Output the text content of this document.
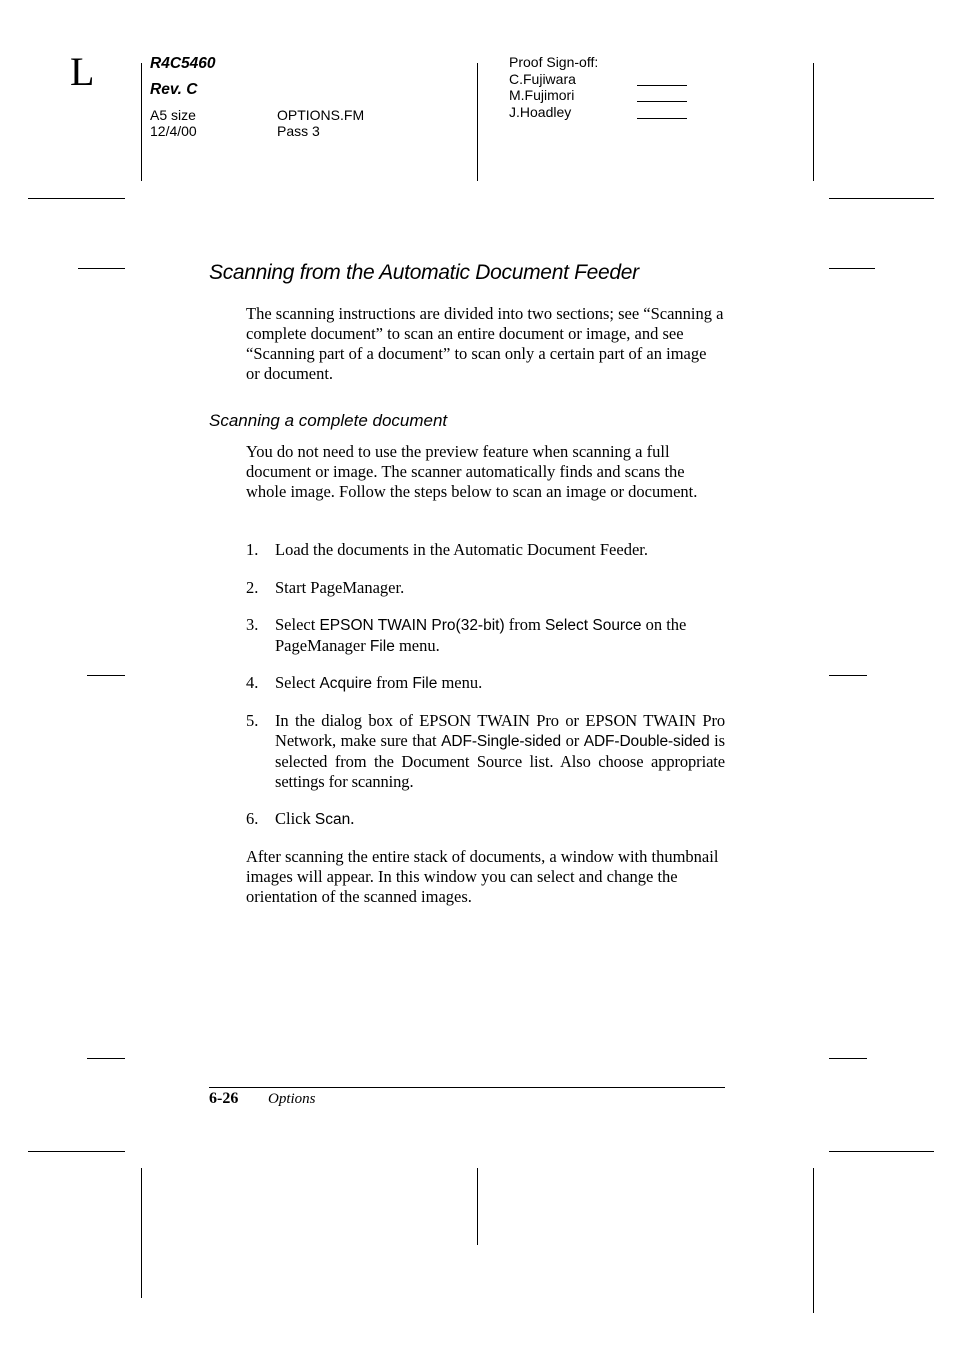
L	R4C5460
Rev. C
A5 size
12/4/00
OPTIONS.FM
Pass 3
Proof Sign-off:
C.Fujiwara
M.Fujimori
J.Hoadley
Scanning from the Automatic Document Feeder
The scanning instructions are divided into two sections; see “Scanning a complete document” to scan an entire document or image, and see “Scanning part of a document” to scan only a certain part of an image or document.
Scanning a complete document
You do not need to use the preview feature when scanning a full document or image. The scanner automatically finds and scans the whole image. Follow the steps below to scan an image or document.
1. Load the documents in the Automatic Document Feeder.
2. Start PageManager.
3. Select EPSON TWAIN Pro(32-bit) from Select Source on the PageManager File menu.
4. Select Acquire from File menu.
5. In the dialog box of EPSON TWAIN Pro or EPSON TWAIN Pro Network, make sure that ADF-Single-sided or ADF-Double-sided is selected from the Document Source list. Also choose appropriate settings for scanning.
6. Click Scan.
After scanning the entire stack of documents, a window with thumbnail images will appear. In this window you can select and change the orientation of the scanned images.
6-26 Options
